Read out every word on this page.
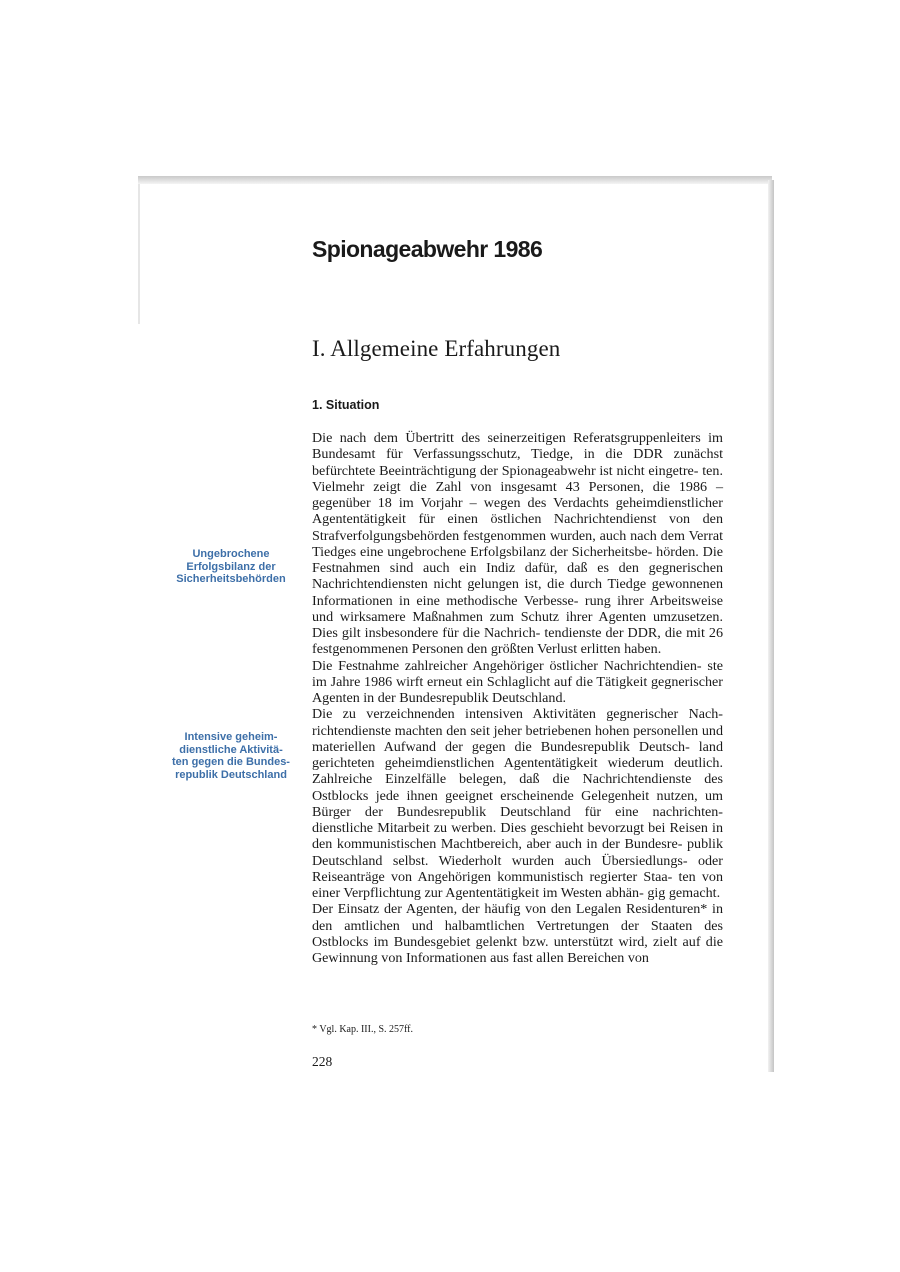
Spionageabwehr 1986
I. Allgemeine Erfahrungen
1. Situation
Ungebrochene Erfolgsbilanz der Sicherheitsbehörden
Intensive geheim- dienstliche Aktivitä- ten gegen die Bundes- republik Deutschland

Die nach dem Übertritt des seinerzeitigen Referatsgruppenleiters im Bundesamt für Verfassungsschutz, Tiedge, in die DDR zunächst befürchtete Beeinträchtigung der Spionageabwehr ist nicht eingetre- ten. Vielmehr zeigt die Zahl von insgesamt 43 Personen, die 1986 – gegenüber 18 im Vorjahr – wegen des Verdachts geheimdienstlicher Agententätigkeit für einen östlichen Nachrichtendienst von den Strafverfolgungsbehörden festgenommen wurden, auch nach dem Verrat Tiedges eine ungebrochene Erfolgsbilanz der Sicherheitsbe- hörden. Die Festnahmen sind auch ein Indiz dafür, daß es den gegnerischen Nachrichtendiensten nicht gelungen ist, die durch Tiedge gewonnenen Informationen in eine methodische Verbesse- rung ihrer Arbeitsweise und wirksamere Maßnahmen zum Schutz ihrer Agenten umzusetzen. Dies gilt insbesondere für die Nachrich- tendienste der DDR, die mit 26 festgenommenen Personen den größten Verlust erlitten haben.

Die Festnahme zahlreicher Angehöriger östlicher Nachrichtendien- ste im Jahre 1986 wirft erneut ein Schlaglicht auf die Tätigkeit gegnerischer Agenten in der Bundesrepublik Deutschland.

Die zu verzeichnenden intensiven Aktivitäten gegnerischer Nach- richtendienste machten den seit jeher betriebenen hohen personellen und materiellen Aufwand der gegen die Bundesrepublik Deutsch- land gerichteten geheimdienstlichen Agententätigkeit wiederum deutlich. Zahlreiche Einzelfälle belegen, daß die Nachrichtendienste des Ostblocks jede ihnen geeignet erscheinende Gelegenheit nutzen, um Bürger der Bundesrepublik Deutschland für eine nachrichten- dienstliche Mitarbeit zu werben. Dies geschieht bevorzugt bei Reisen in den kommunistischen Machtbereich, aber auch in der Bundesre- publik Deutschland selbst. Wiederholt wurden auch Übersiedlungs- oder Reiseanträge von Angehörigen kommunistisch regierter Staa- ten von einer Verpflichtung zur Agententätigkeit im Westen abhän- gig gemacht.

Der Einsatz der Agenten, der häufig von den Legalen Residenturen* in den amtlichen und halbamtlichen Vertretungen der Staaten des Ostblocks im Bundesgebiet gelenkt bzw. unterstützt wird, zielt auf die Gewinnung von Informationen aus fast allen Bereichen von

* Vgl. Kap. III., S. 257ff.
228
